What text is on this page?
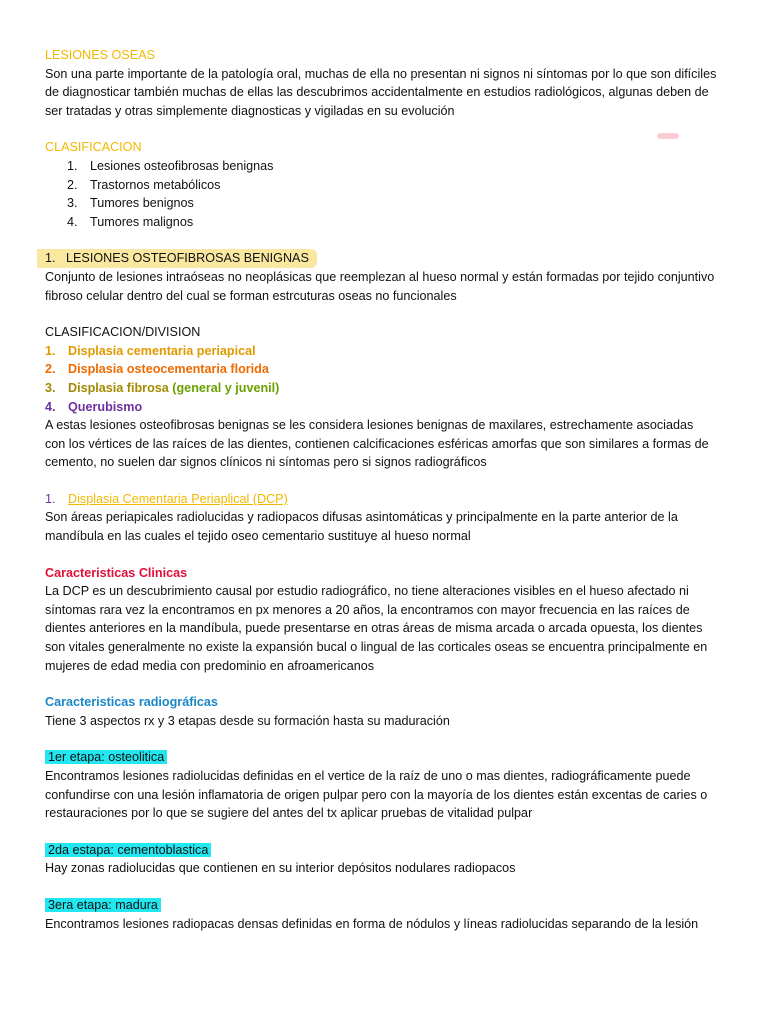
LESIONES OSEAS

Son una parte importante de la patología oral, muchas de ella no presentan ni signos ni síntomas por lo que son difíciles de diagnosticar también muchas de ellas las descubrimos accidentalmente en estudios radiológicos, algunas deben de ser tratadas y otras simplemente diagnosticas y vigiladas en su evolución

CLASIFICACION

1. Lesiones osteofibrosas benignas
2. Trastornos metabólicos
3. Tumores benignos
4. Tumores malignos

1. LESIONES OSTEOFIBROSAS BENIGNAS

Conjunto de lesiones intraóseas no neoplásicas que reemplezan al hueso normal y están formadas por tejido conjuntivo fibroso celular dentro del cual se forman estrcuturas oseas no funcionales

CLASIFICACION/DIVISION

1. Displasia cementaria periapical
2. Displasia osteocementaria florida
3. Displasia fibrosa
(general y juvenil)
4. Querubismo

A estas lesiones osteofibrosas benignas se les considera lesiones benignas de maxilares, estrechamente asociadas con los vértices de las raíces de las dientes, contienen calcificaciones esféricas amorfas que son similares a formas de cemento, no suelen dar signos clínicos ni síntomas pero si signos radiográficos

1. Displasia Cementaria Periaplical (DCP)

Son áreas periapicales radiolucidas y radiopacos difusas asintomáticas y principalmente en la parte anterior de la mandíbula en las cuales el tejido oseo cementario sustituye al hueso normal

Caracteristicas Clinicas

La DCP es un descubrimiento causal por estudio radiográfico, no tiene alteraciones visibles en el hueso afectado ni síntomas rara vez la encontramos en px menores a 20 años, la encontramos con mayor frecuencia en las raíces de dientes anteriores en la mandíbula, puede presentarse en otras áreas de misma arcada o arcada opuesta, los dientes son vitales generalmente no existe la expansión bucal o lingual de las corticales oseas se encuentra principalmente en mujeres de edad media con predominio en afroamericanos

Caracteristicas radiográficas

Tiene 3 aspectos rx y 3 etapas desde su formación hasta su maduración

1er etapa: osteolitica

Encontramos lesiones radiolucidas definidas en el vertice de la raíz de uno o mas dientes, radiográficamente puede confundirse con una lesión inflamatoria de origen pulpar pero con la mayoría de los dientes están excentas de caries o restauraciones por lo que se sugiere del antes del tx aplicar pruebas de vitalidad pulpar

2da estapa: cementoblastica

Hay zonas radiolucidas que contienen en su interior depósitos nodulares radiopacos

3era etapa: madura

Encontramos lesiones radiopacas densas definidas en forma de nódulos y líneas radiolucidas separando de la lesión
